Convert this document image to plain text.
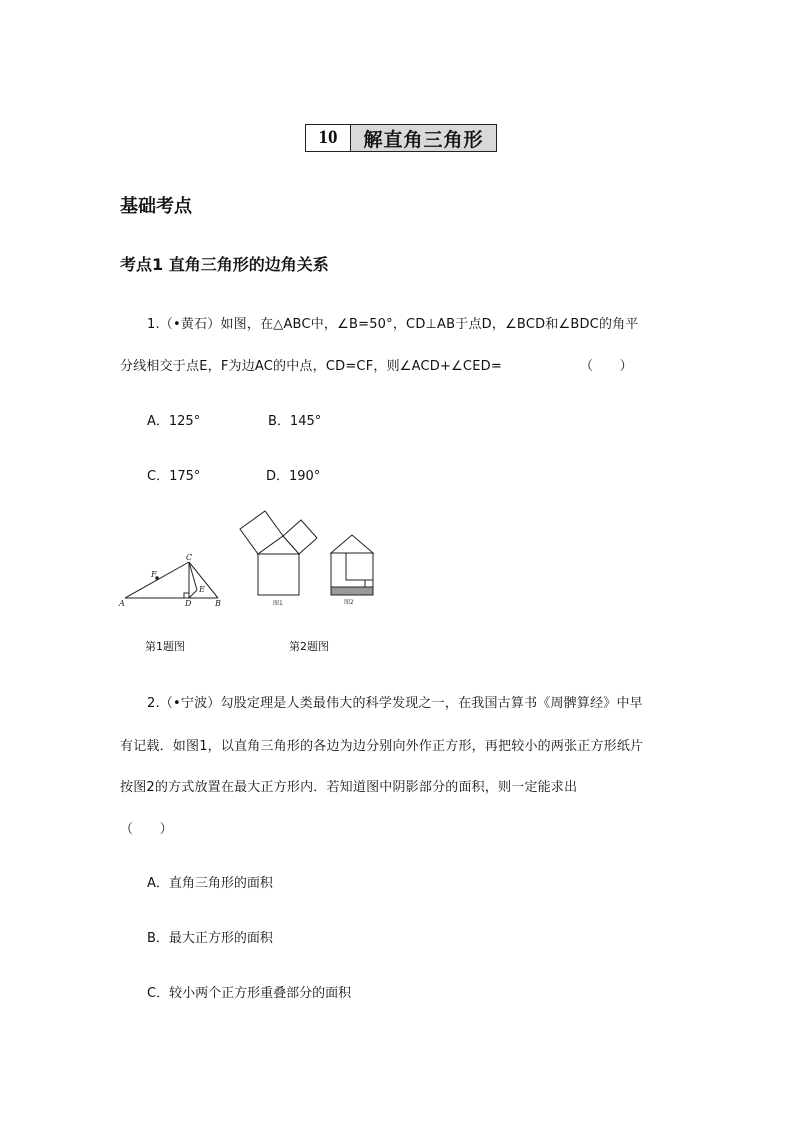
10	解直角三角形
基础考点
考点1 直角三角形的边角关系
1.（•黄石）如图，在△ABC中，∠B=50°，CD⊥AB于点D，∠BCD和∠BDC的角平
分线相交于点E，F为边AC的中点，CD=CF，则∠ACD+∠CED=	（　　）
A．125°	B．145°
C．175°	D．190°
C
F
E
A	D	B	图1	图2
第1题图	第2题图
2.（•宁波）勾股定理是人类最伟大的科学发现之一，在我国古算书《周髀算经》中早
有记载．如图1，以直角三角形的各边为边分别向外作正方形，再把较小的两张正方形纸片
按图2的方式放置在最大正方形内．若知道图中阴影部分的面积，则一定能求出
（　　）
A．直角三角形的面积
B．最大正方形的面积
C．较小两个正方形重叠部分的面积
